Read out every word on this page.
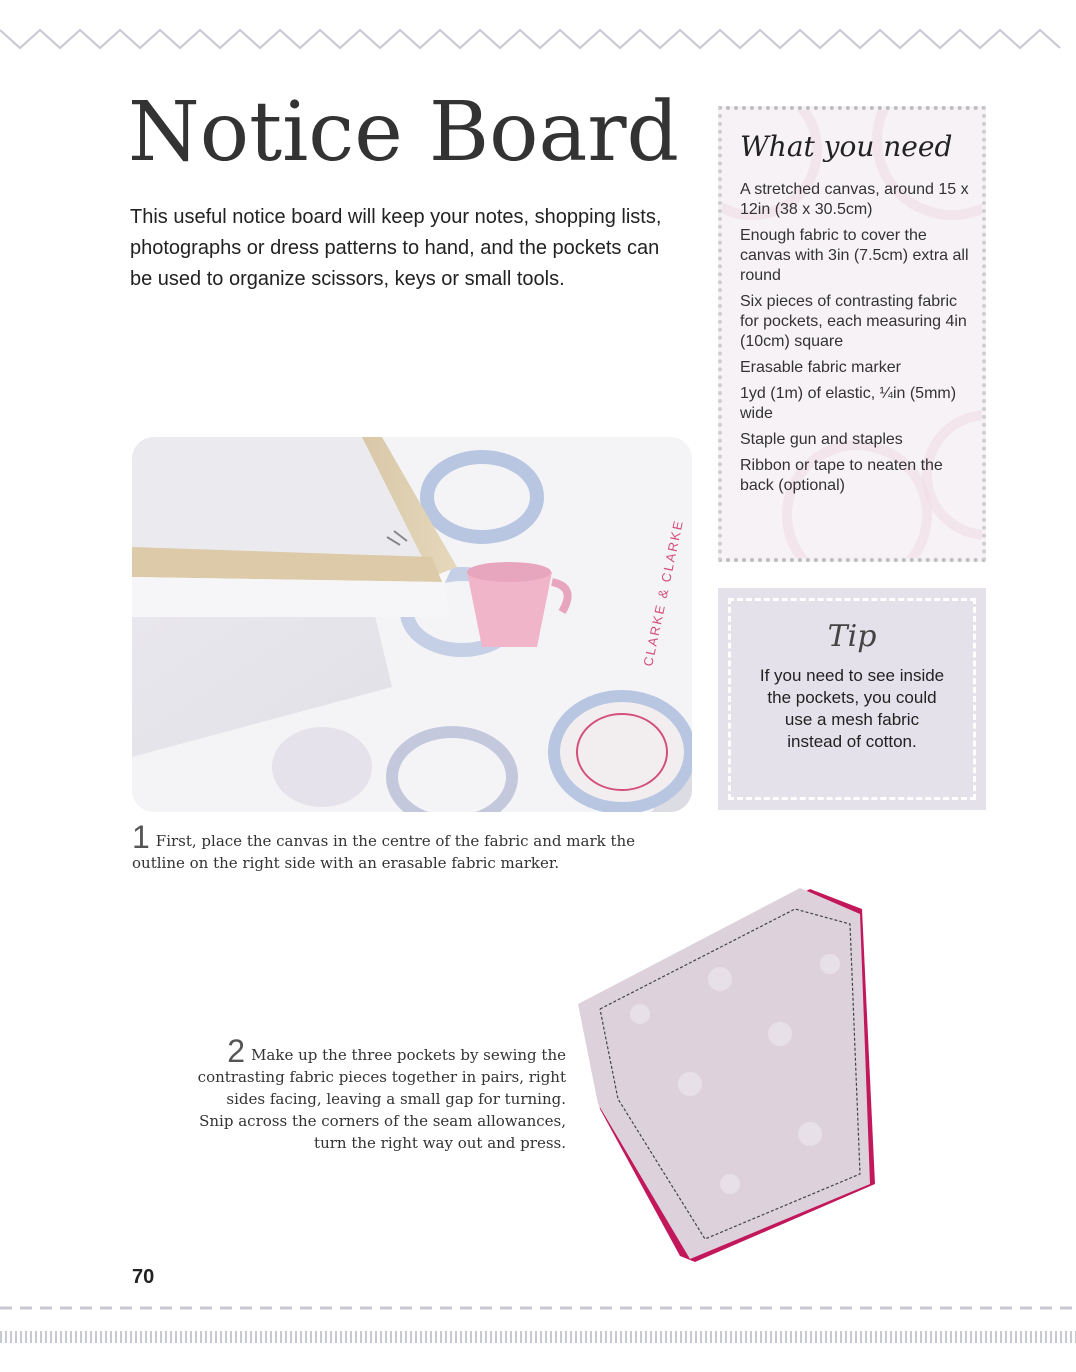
Notice Board

This useful notice board will keep your notes, shopping lists, photographs or dress patterns to hand, and the pockets can be used to organize scissors, keys or small tools.

What you need
A stretched canvas, around 15 x 12in (38 x 30.5cm)
Enough fabric to cover the canvas with 3in (7.5cm) extra all round
Six pieces of contrasting fabric for pockets, each measuring 4in (10cm) square
Erasable fabric marker
1yd (1m) of elastic, ¼in (5mm) wide
Staple gun and staples
Ribbon or tape to neaten the back (optional)
Tip

If you need to see inside the pockets, you could use a mesh fabric instead of cotton.

CLARKE & CLARKE

1 First, place the canvas in the centre of the fabric and mark the outline on the right side with an erasable fabric marker.

2 Make up the three pockets by sewing the contrasting fabric pieces together in pairs, right sides facing, leaving a small gap for turning. Snip across the corners of the seam allowances, turn the right way out and press.

70
